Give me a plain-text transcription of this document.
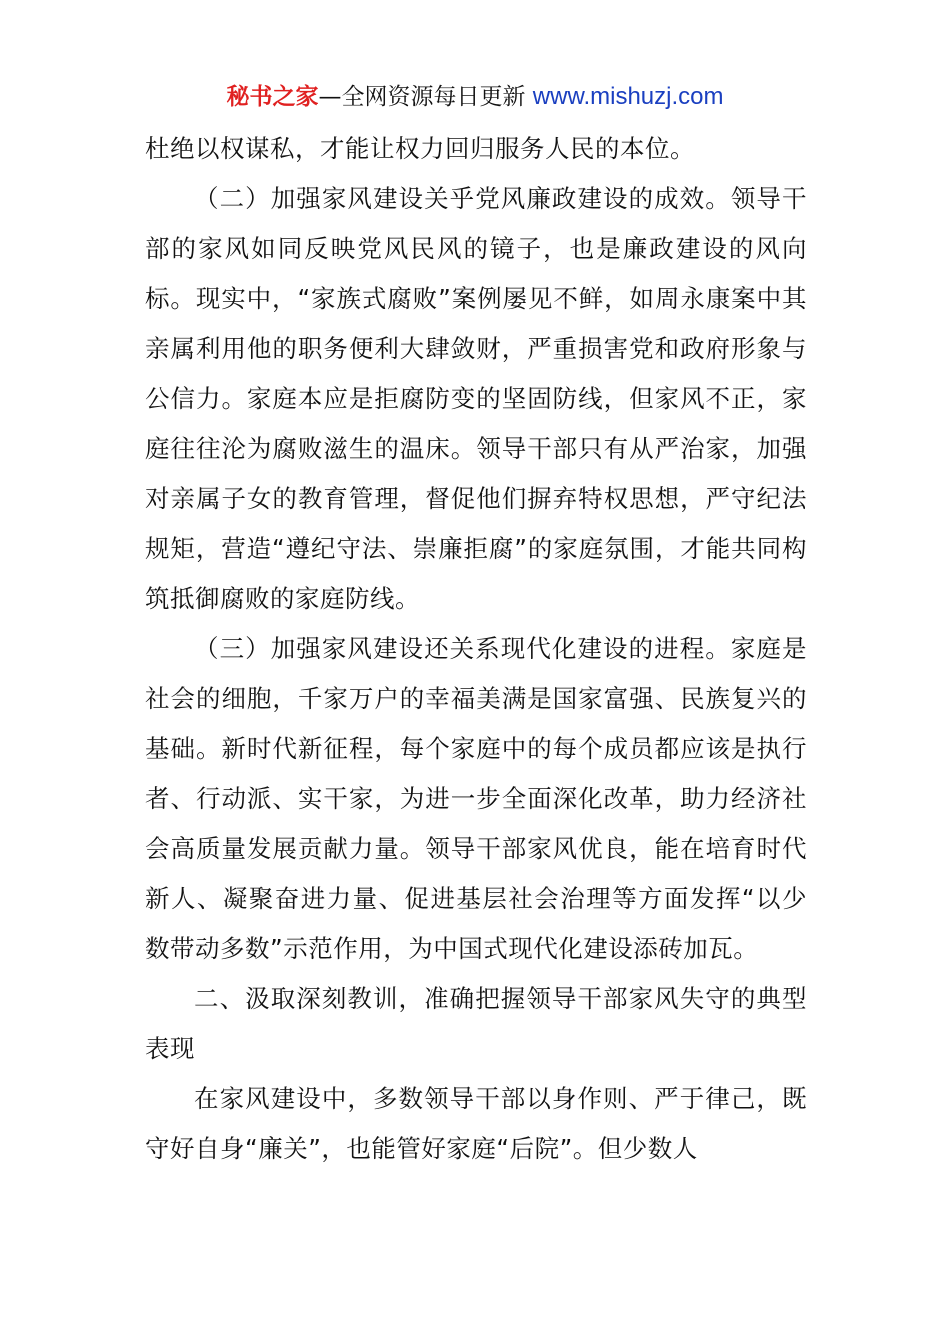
秘书之家—全网资源每日更新 www.mishuzj.com

杜绝以权谋私，才能让权力回归服务人民的本位。

（二）加强家风建设关乎党风廉政建设的成效。领导干部的家风如同反映党风民风的镜子，也是廉政建设的风向标。现实中，“家族式腐败”案例屡见不鲜，如周永康案中其亲属利用他的职务便利大肆敛财，严重损害党和政府形象与公信力。家庭本应是拒腐防变的坚固防线，但家风不正，家庭往往沦为腐败滋生的温床。领导干部只有从严治家，加强对亲属子女的教育管理，督促他们摒弃特权思想，严守纪法规矩，营造“遵纪守法、崇廉拒腐”的家庭氛围，才能共同构筑抵御腐败的家庭防线。

（三）加强家风建设还关系现代化建设的进程。家庭是社会的细胞，千家万户的幸福美满是国家富强、民族复兴的基础。新时代新征程，每个家庭中的每个成员都应该是执行者、行动派、实干家，为进一步全面深化改革，助力经济社会高质量发展贡献力量。领导干部家风优良，能在培育时代新人、凝聚奋进力量、促进基层社会治理等方面发挥“以少数带动多数”示范作用，为中国式现代化建设添砖加瓦。

二、汲取深刻教训，准确把握领导干部家风失守的典型表现

在家风建设中，多数领导干部以身作则、严于律己，既守好自身“廉关”，也能管好家庭“后院”。但少数人
